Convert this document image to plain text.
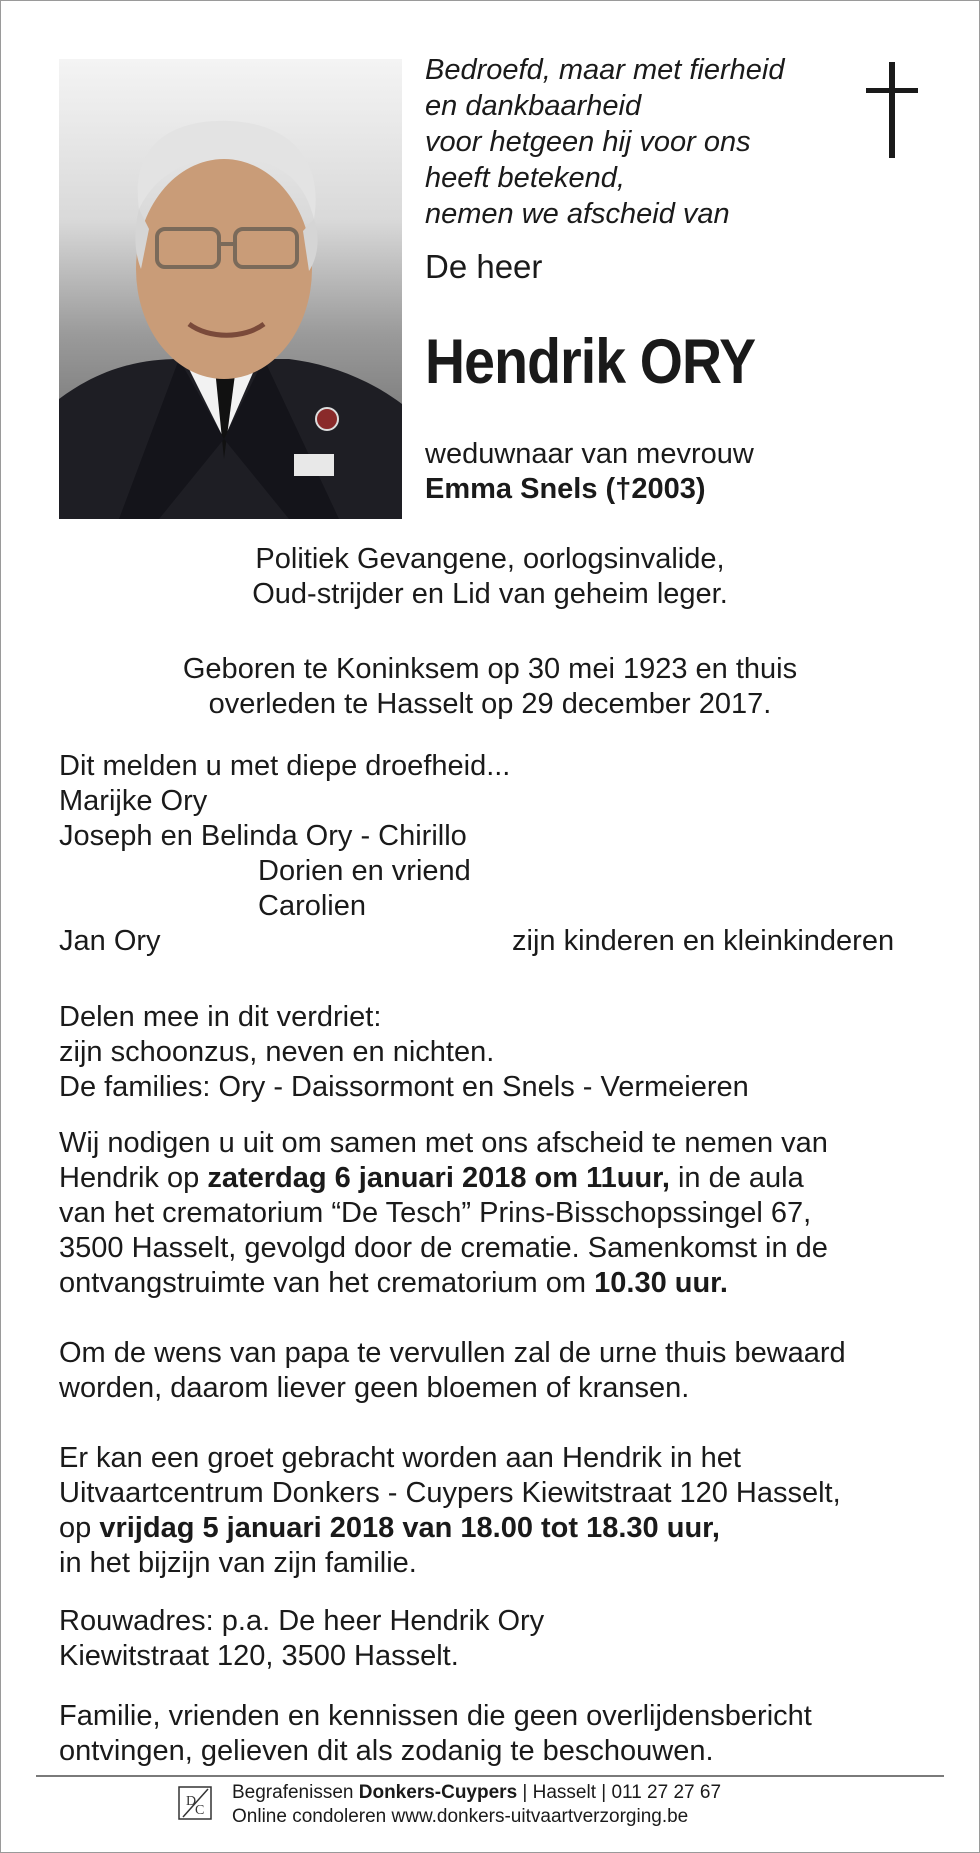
Bedroefd, maar met fierheid
en dankbaarheid
voor hetgeen hij voor ons
heeft betekend,
nemen we afscheid van
De heer
Hendrik ORY
weduwnaar van mevrouw
Emma Snels (†2003)
Politiek Gevangene, oorlogsinvalide,
Oud-strijder en Lid van geheim leger.
Geboren te Koninksem op 30 mei 1923 en thuis
overleden te Hasselt op 29 december 2017.
Dit melden u met diepe droefheid...
Marijke Ory
Joseph en Belinda Ory - Chirillo
Dorien en vriend
Carolien
Jan Ory	zijn kinderen en kleinkinderen
Delen mee in dit verdriet:
zijn schoonzus, neven en nichten.
De families: Ory - Daissormont en Snels - Vermeieren
Wij nodigen u uit om samen met ons afscheid te nemen van
Hendrik op zaterdag 6 januari 2018 om 11uur, in de aula
van het crematorium “De Tesch” Prins-Bisschopssingel 67,
3500 Hasselt, gevolgd door de crematie. Samenkomst in de
ontvangstruimte van het crematorium om 10.30 uur.
Om de wens van papa te vervullen zal de urne thuis bewaard
worden, daarom liever geen bloemen of kransen.
Er kan een groet gebracht worden aan Hendrik in het
Uitvaartcentrum Donkers - Cuypers Kiewitstraat 120 Hasselt,
op vrijdag 5 januari 2018 van 18.00 tot 18.30 uur,
in het bijzijn van zijn familie.
Rouwadres: p.a. De heer Hendrik Ory
Kiewitstraat 120, 3500 Hasselt.
Familie, vrienden en kennissen die geen overlijdensbericht
ontvingen, gelieven dit als zodanig te beschouwen.
D
C
Begrafenissen Donkers-Cuypers | Hasselt | 011 27 27 67
Online condoleren www.donkers-uitvaartverzorging.be
